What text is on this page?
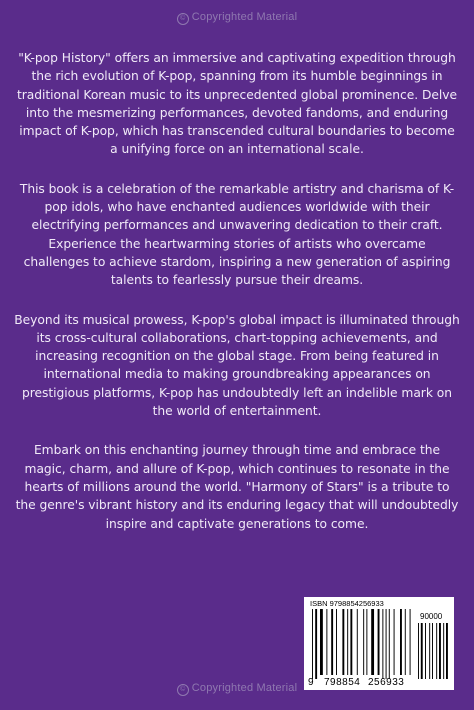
© Copyrighted Material

"K-pop History" offers an immersive and captivating expedition through the rich evolution of K-pop, spanning from its humble beginnings in traditional Korean music to its unprecedented global prominence. Delve into the mesmerizing performances, devoted fandoms, and enduring impact of K-pop, which has transcended cultural boundaries to become a unifying force on an international scale.

This book is a celebration of the remarkable artistry and charisma of K-pop idols, who have enchanted audiences worldwide with their electrifying performances and unwavering dedication to their craft. Experience the heartwarming stories of artists who overcame challenges to achieve stardom, inspiring a new generation of aspiring talents to fearlessly pursue their dreams.

Beyond its musical prowess, K-pop's global impact is illuminated through its cross-cultural collaborations, chart-topping achievements, and increasing recognition on the global stage. From being featured in international media to making groundbreaking appearances on prestigious platforms, K-pop has undoubtedly left an indelible mark on the world of entertainment.

Embark on this enchanting journey through time and embrace the magic, charm, and allure of K-pop, which continues to resonate in the hearts of millions around the world. "Harmony of Stars" is a tribute to the genre's vibrant history and its enduring legacy that will undoubtedly inspire and captivate generations to come.

ISBN 9798854256933
90000
9 798854 256933
© Copyrighted Material
